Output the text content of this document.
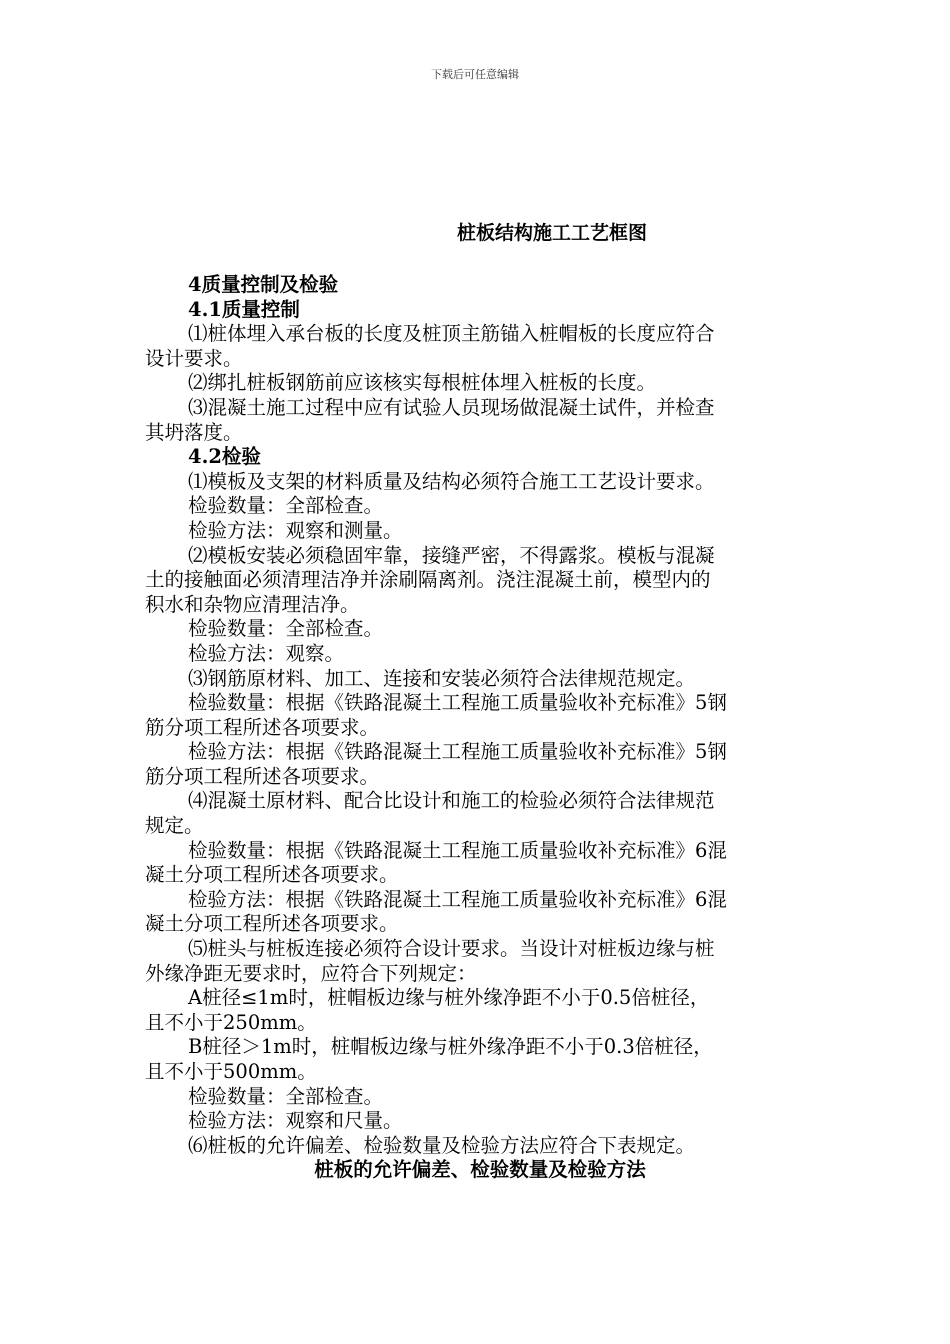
下载后可任意编辑
桩板结构施工工艺框图
4质量控制及检验
4.1质量控制
⑴桩体埋入承台板的长度及桩顶主筋锚入桩帽板的长度应符合
设计要求。
⑵绑扎桩板钢筋前应该核实每根桩体埋入桩板的长度。
⑶混凝土施工过程中应有试验人员现场做混凝土试件，并检查
其坍落度。
4.2检验
⑴模板及支架的材料质量及结构必须符合施工工艺设计要求。
检验数量：全部检查。
检验方法：观察和测量。
⑵模板安装必须稳固牢靠，接缝严密，不得露浆。模板与混凝
土的接触面必须清理洁净并涂刷隔离剂。浇注混凝土前，模型内的
积水和杂物应清理洁净。
检验数量：全部检查。
检验方法：观察。
⑶钢筋原材料、加工、连接和安装必须符合法律规范规定。
检验数量：根据《铁路混凝土工程施工质量验收补充标准》5钢
筋分项工程所述各项要求。
检验方法：根据《铁路混凝土工程施工质量验收补充标准》5钢
筋分项工程所述各项要求。
⑷混凝土原材料、配合比设计和施工的检验必须符合法律规范
规定。
检验数量：根据《铁路混凝土工程施工质量验收补充标准》6混
凝土分项工程所述各项要求。
检验方法：根据《铁路混凝土工程施工质量验收补充标准》6混
凝土分项工程所述各项要求。
⑸桩头与桩板连接必须符合设计要求。当设计对桩板边缘与桩
外缘净距无要求时，应符合下列规定：
A桩径≤1m时，桩帽板边缘与桩外缘净距不小于0.5倍桩径，
且不小于250mm。
B桩径＞1m时，桩帽板边缘与桩外缘净距不小于0.3倍桩径，
且不小于500mm。
检验数量：全部检查。
检验方法：观察和尺量。
⑹桩板的允许偏差、检验数量及检验方法应符合下表规定。
桩板的允许偏差、检验数量及检验方法
